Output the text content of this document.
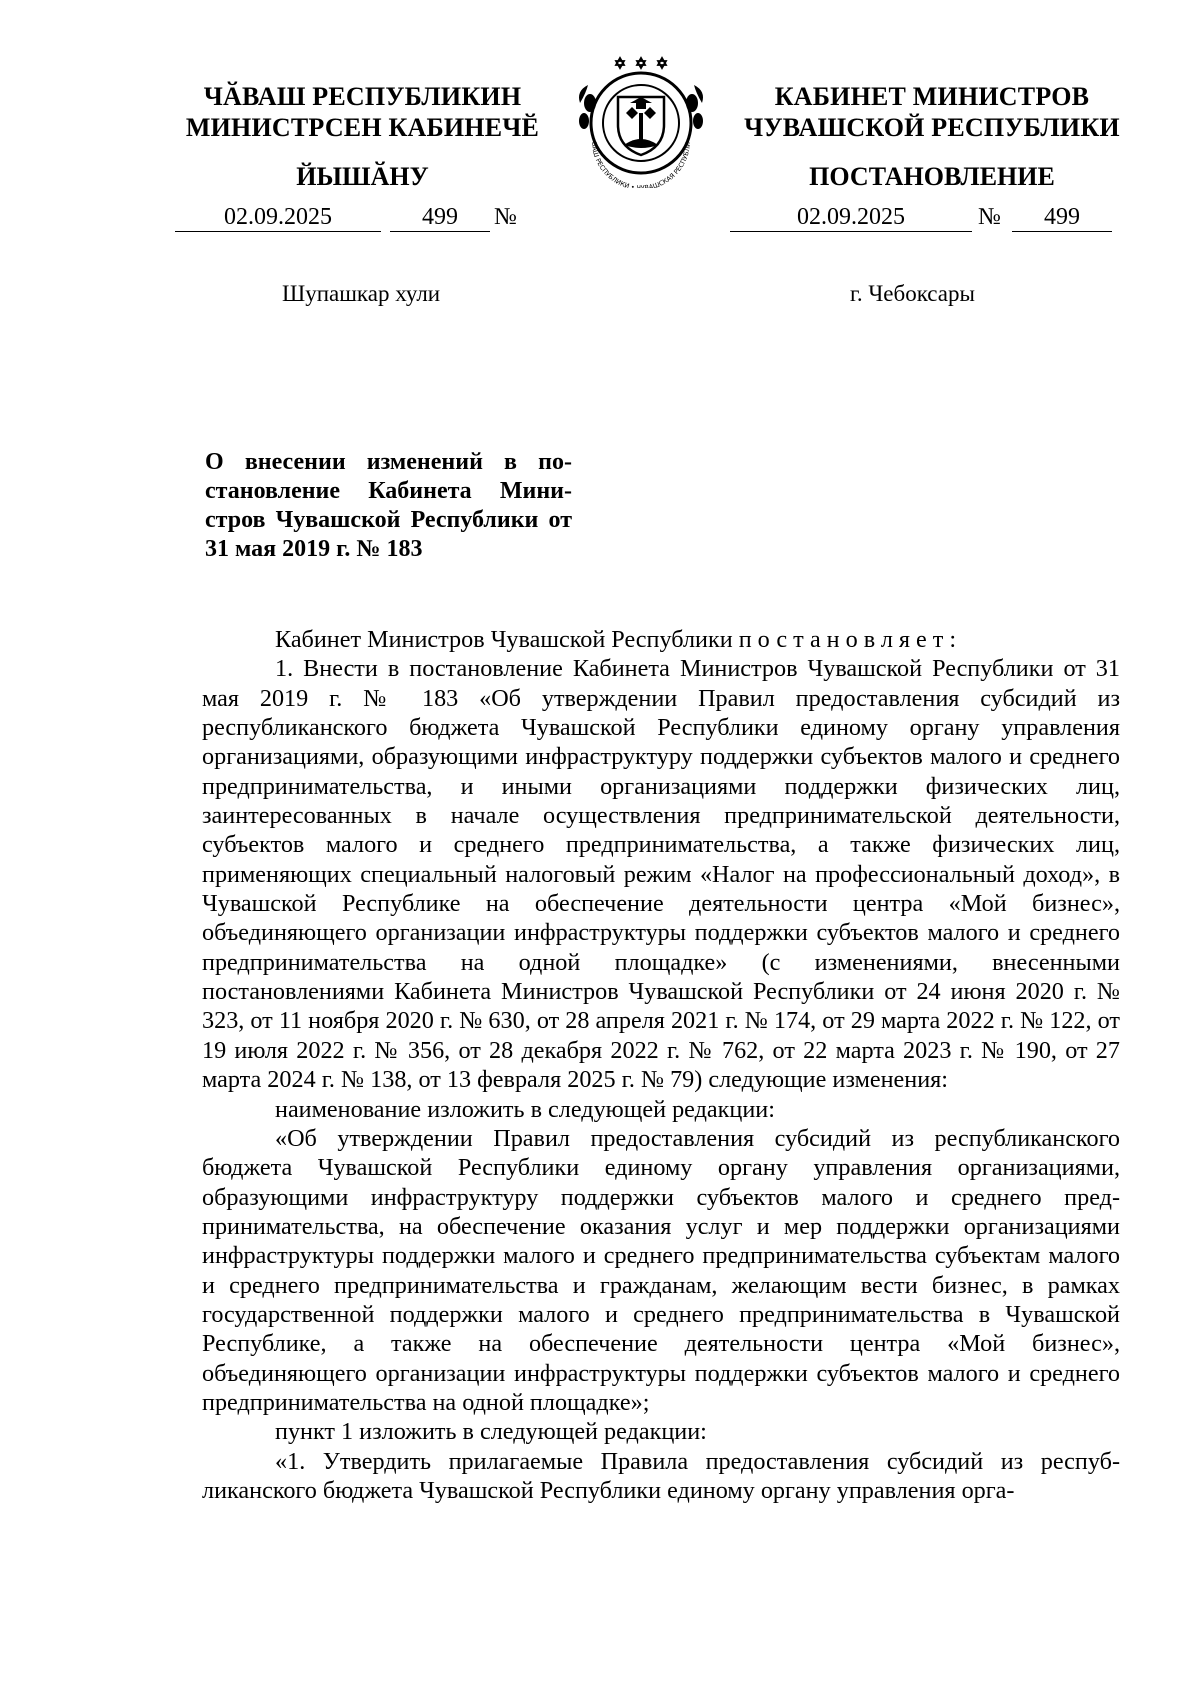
ЧӐВАШ РЕСПУБЛИКИН
МИНИСТРСЕН КАБИНЕЧӖ
ЙЫШӐНУ
КАБИНЕТ МИНИСТРОВ
ЧУВАШСКОЙ РЕСПУБЛИКИ
ПОСТАНОВЛЕНИЕ
ВАШ РЕСПУБЛИКИ • ЧУВАШСКАЯ РЕСПУБЛИ
02.09.2025	499	№	02.09.2025	№	499
Шупашкар хули	г. Чебоксары
О внесении изменений в постановление Кабинета Министров Чувашской Республики от 31 мая 2019 г. № 183

Кабинет Министров Чувашской Республики постановляет:

1. Внести в постановление Кабинета Министров Чувашской Республики от 31 мая 2019 г. № 183 «Об утверждении Правил предоставления субсидий из республиканского бюджета Чувашской Республики единому органу управления организациями, образующими инфраструктуру поддержки субъектов малого и среднего предпринимательства, и иными организациями поддержки физических лиц, заинтересованных в начале осуществления предпринимательской деятельности, субъектов малого и среднего предпринимательства, а также физических лиц, применяющих специальный налоговый режим «Налог на профессиональный доход», в Чувашской Республике на обеспечение деятельности центра «Мой бизнес», объединяющего организации инфраструктуры поддержки субъектов малого и среднего предпринимательства на одной площадке» (с изменениями, внесенными постановлениями Кабинета Министров Чувашской Республики от 24 июня 2020 г. № 323, от 11 ноября 2020 г. № 630, от 28 апреля 2021 г. № 174, от 29 марта 2022 г. № 122, от 19 июля 2022 г. № 356, от 28 декабря 2022 г. № 762, от 22 марта 2023 г. № 190, от 27 марта 2024 г. № 138, от 13 февраля 2025 г. № 79) следующие изменения:

наименование изложить в следующей редакции:

«Об утверждении Правил предоставления субсидий из республиканского бюджета Чувашской Республики единому органу управления организациями, образующими инфраструктуру поддержки субъектов малого и среднего предпринимательства, на обеспечение оказания услуг и мер поддержки организациями инфраструктуры поддержки малого и среднего предпринимательства субъектам малого и среднего предпринимательства и гражданам, желающим вести бизнес, в рамках государственной поддержки малого и среднего предпринимательства в Чувашской Республике, а также на обеспечение деятельности центра «Мой бизнес», объединяющего организации инфраструктуры поддержки субъектов малого и среднего предпринимательства на одной площадке»;

пункт 1 изложить в следующей редакции:

«1. Утвердить прилагаемые Правила предоставления субсидий из республиканского бюджета Чувашской Республики единому органу управления орга-
